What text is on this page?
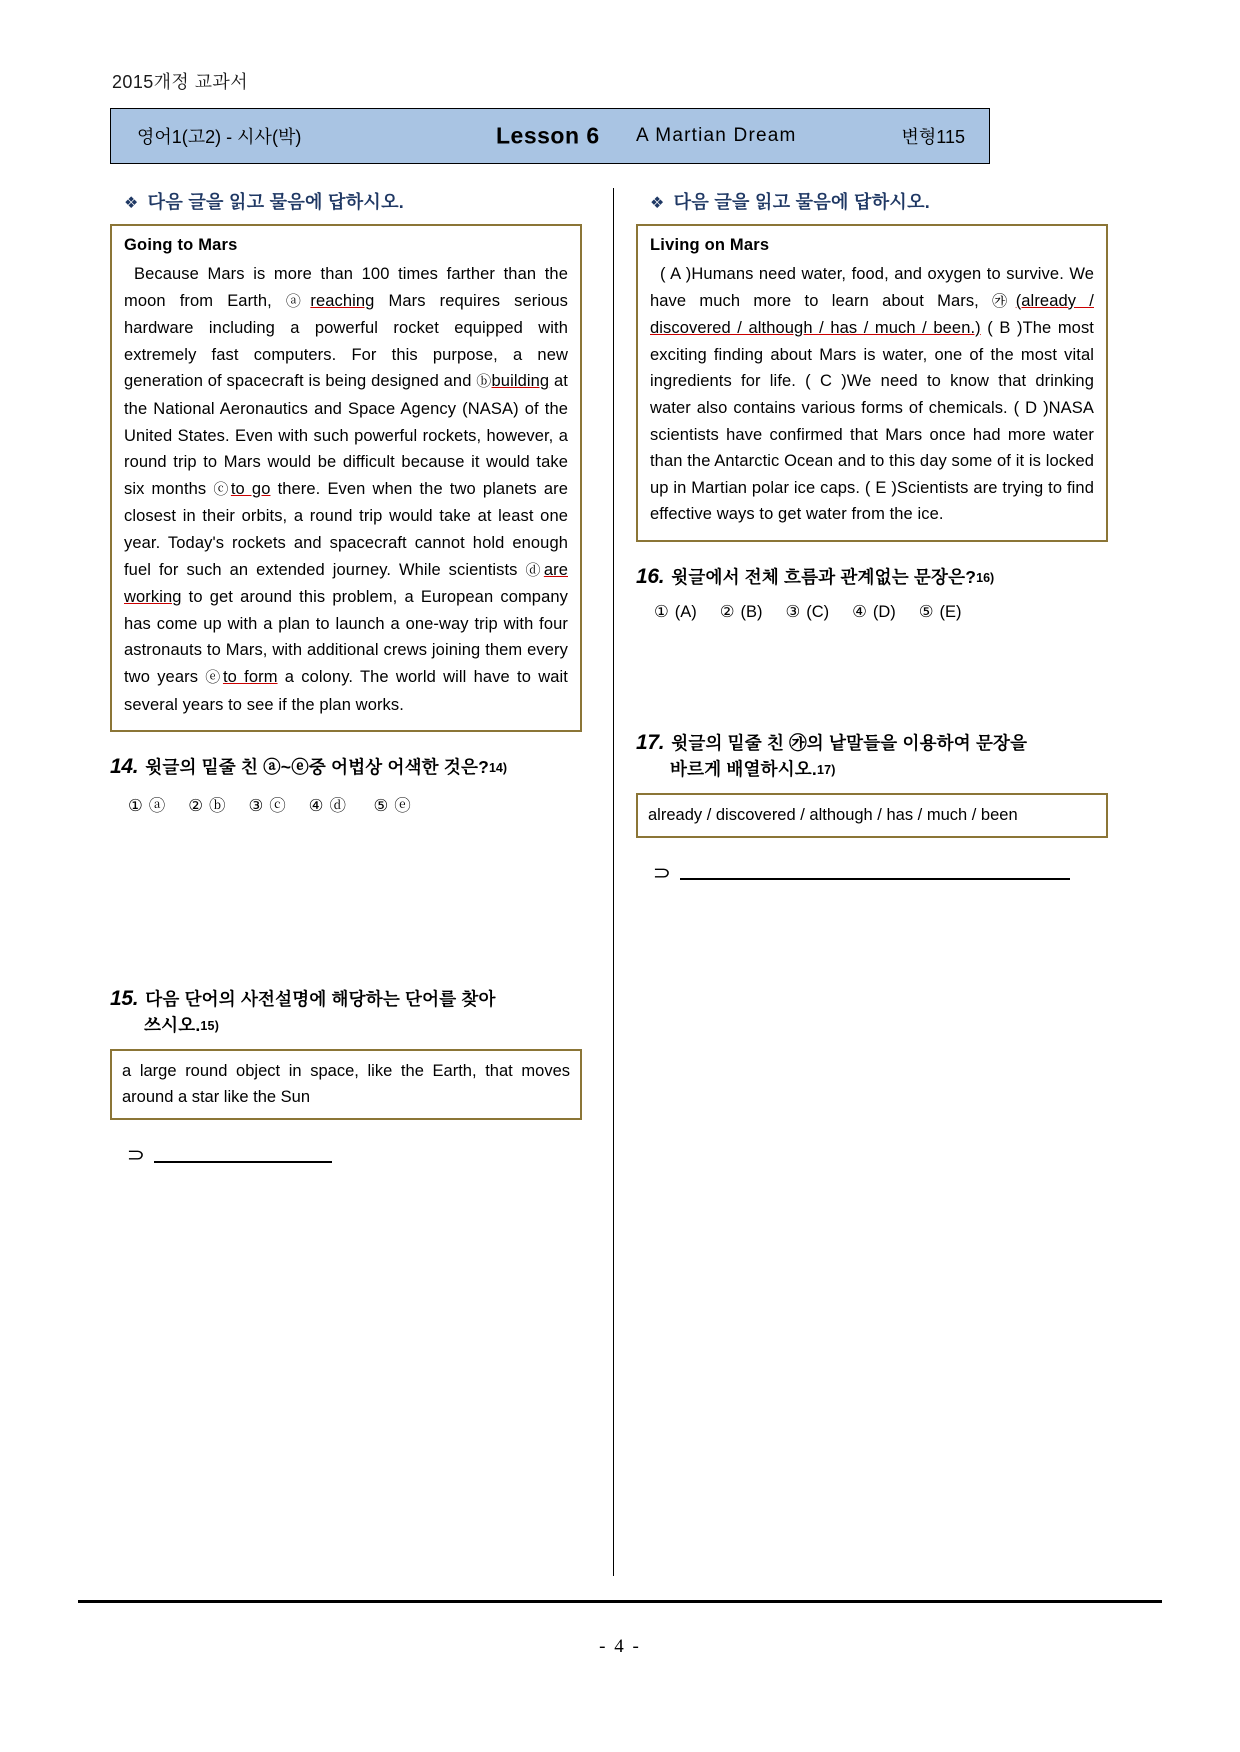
2015개정 교과서
영어1(고2) - 시사(박)	Lesson 6 A Martian Dream	변형115
❖ 다음 글을 읽고 물음에 답하시오.
Going to Mars
Because Mars is more than 100 times farther than the moon from Earth, ⓐreaching Mars requires serious hardware including a powerful rocket equipped with extremely fast computers. For this purpose, a new generation of spacecraft is being designed and ⓑbuilding at the National Aeronautics and Space Agency (NASA) of the United States. Even with such powerful rockets, however, a round trip to Mars would be difficult because it would take six months ⓒto go there. Even when the two planets are closest in their orbits, a round trip would take at least one year. Today's rockets and spacecraft cannot hold enough fuel for such an extended journey. While scientists ⓓare working to get around this problem, a European company has come up with a plan to launch a one-way trip with four astronauts to Mars, with additional crews joining them every two years ⓔto form a colony. The world will have to wait several years to see if the plan works.
14. 윗글의 밑줄 친 ⓐ~ⓔ중 어법상 어색한 것은?14)
① ⓐ ② ⓑ ③ ⓒ ④ ⓓ ⑤ ⓔ
15. 다음 단어의 사전설명에 해당하는 단어를 찾아
쓰시오.15)
a large round object in space, like the Earth, that moves around a star like the Sun
⊃
❖ 다음 글을 읽고 물음에 답하시오.
Living on Mars
( A )Humans need water, food, and oxygen to survive. We have much more to learn about Mars, ㉮(already / discovered / although / has / much / been.) ( B )The most exciting finding about Mars is water, one of the most vital ingredients for life. ( C )We need to know that drinking water also contains various forms of chemicals. ( D )NASA scientists have confirmed that Mars once had more water than the Antarctic Ocean and to this day some of it is locked up in Martian polar ice caps. ( E )Scientists are trying to find effective ways to get water from the ice.
16. 윗글에서 전체 흐름과 관계없는 문장은?16)
① (A) ② (B) ③ (C) ④ (D) ⑤ (E)
17. 윗글의 밑줄 친 ㉮의 낱말들을 이용하여 문장을
바르게 배열하시오.17)
already / discovered / although / has / much / been
⊃
- 4 -
